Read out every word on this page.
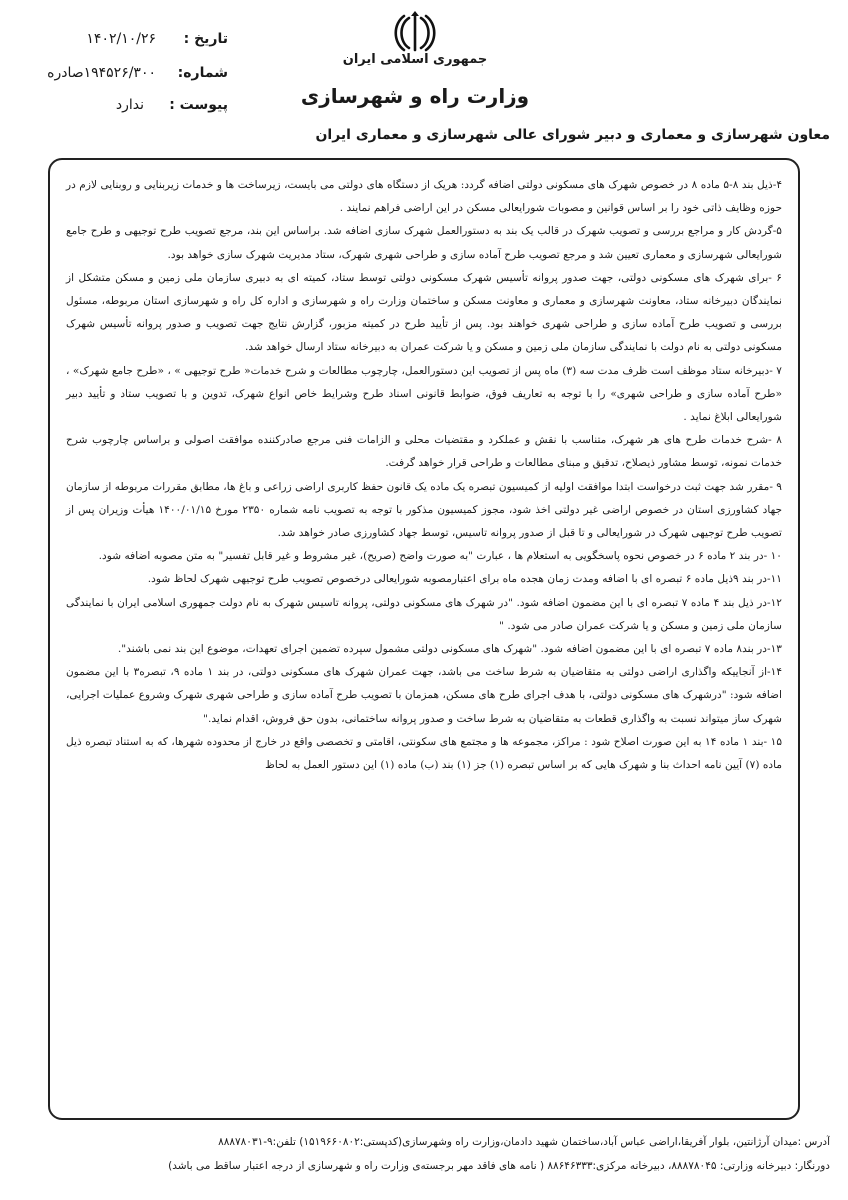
جمهوری اسلامی ایران
وزارت راه و شهرسازی
معاون شهرسازی و معماری و دبیر شورای عالی شهرسازی و معماری ایران
تاریخ :۱۴۰۲/۱۰/۲۶
شماره:۱۹۴۵۲۶/۳۰۰صادره
پیوست :ندارد

۴-ذیل بند ۸-۵ ماده ۸ در خصوص شهرک های مسکونی دولتی اضافه گردد: هریک از دستگاه های دولتی می بایست، زیرساخت ها و خدمات زیربنایی و روبنایی لازم در حوزه وظایف ذاتی خود را بر اساس قوانین و مصوبات شورایعالی مسکن در این اراضی فراهم نمایند .

۵-گردش کار و مراجع بررسی و تصویب شهرک در قالب یک بند به دستورالعمل شهرک سازی اضافه شد. براساس این بند، مرجع تصویب طرح توجیهی و طرح جامع شورایعالی شهرسازی و معماری تعیین شد و مرجع تصویب طرح آماده سازی و طراحی شهری شهرک، ستاد مدیریت شهرک سازی خواهد بود.

۶ -برای شهرک های مسکونی دولتی، جهت صدور پروانه تأسیس شهرک مسکونی دولتی توسط ستاد، کمیته ای به دبیری سازمان ملی زمین و مسکن متشکل از نمایندگان دبیرخانه ستاد، معاونت شهرسازی و معماری و معاونت مسکن و ساختمان وزارت راه و شهرسازی و اداره کل راه و شهرسازی استان مربوطه، مسئول بررسی و تصویب طرح آماده سازی و طراحی شهری خواهند بود. پس از تأیید طرح در کمیته مزبور، گزارش نتایج جهت تصویب و صدور پروانه تأسیس شهرک مسکونی دولتی به نام دولت با نمایندگی سازمان ملی زمین و مسکن و یا شرکت عمران به دبیرخانه ستاد ارسال خواهد شد.

۷ -دبیرخانه ستاد موظف است ظرف مدت سه (۳) ماه پس از تصویب این دستورالعمل، چارچوب مطالعات و شرح خدمات« طرح توجیهی » ، «طرح جامع شهرک» ، «طرح آماده سازی و طراحی شهری» را با توجه به تعاریف فوق، ضوابط قانونی اسناد طرح وشرایط خاص انواع شهرک، تدوین و با تصویب ستاد و تأیید دبیر شورایعالی ابلاغ نماید .

۸ -شرح خدمات طرح های هر شهرک، متناسب با نقش و عملکرد و مقتضیات محلی و الزامات فنی مرجع صادرکننده موافقت اصولی و براساس چارچوب شرح خدمات نمونه، توسط مشاور ذیصلاح، تدقیق و مبنای مطالعات و طراحی قرار خواهد گرفت.

۹ -مقرر شد جهت ثبت درخواست ابتدا موافقت اولیه از کمیسیون تبصره یک ماده یک قانون حفظ کاربری اراضی زراعی و باغ ها، مطابق مقررات مربوطه از سازمان جهاد کشاورزی استان در خصوص اراضی غیر دولتی اخذ شود، مجوز کمیسیون مذکور با توجه به تصویب نامه شماره ۲۳۵۰ مورخ ۱۴۰۰/۰۱/۱۵ هیأت وزیران پس از تصویب طرح توجیهی شهرک در شورایعالی و تا قبل از صدور پروانه تاسیس، توسط جهاد کشاورزی صادر خواهد شد.

۱۰ -در بند ۲ ماده ۶ در خصوص نحوه پاسخگویی به استعلام ها ، عبارت "به صورت واضح (صریح)، غیر مشروط و غیر قابل تفسیر" به متن مصوبه اضافه شود.

۱۱-در بند ۹ذیل ماده ۶ تبصره ای با اضافه ومدت زمان هجده ماه برای اعتبارمصوبه شورایعالی درخصوص تصویب طرح توجیهی شهرک لحاظ شود.

۱۲-در ذیل بند ۴ ماده ۷ تبصره ای با این مضمون اضافه شود. "در شهرک های مسکونی دولتی، پروانه تاسیس شهرک به نام دولت جمهوری اسلامی ایران با نمایندگی سازمان ملی زمین و مسکن و یا شرکت عمران صادر می شود. "

۱۳-در بند۸ ماده ۷ تبصره ای با این مضمون اضافه شود. "شهرک های مسکونی دولتی مشمول سپرده تضمین اجرای تعهدات، موضوع این بند نمی باشند".

۱۴-از آنجاییکه واگذاری اراضی دولتی به متقاضیان به شرط ساخت می باشد، جهت عمران شهرک های مسکونی دولتی، در بند ۱ ماده ۹، تبصره۳ با این مضمون اضافه شود: "درشهرک های مسکونی دولتی، با هدف اجرای طرح های مسکن، همزمان با تصویب طرح آماده سازی و طراحی شهری شهرک وشروع عملیات اجرایی، شهرک ساز میتواند نسبت به واگذاری قطعات به متقاضیان به شرط ساخت و صدور پروانه ساختمانی، بدون حق فروش، اقدام نماید."

۱۵ -بند ۱ ماده ۱۴ به این صورت اصلاح شود : مراکز، مجموعه ها و مجتمع های سکونتی، اقامتی و تخصصی واقع در خارج از محدوده شهرها، که به استناد تبصره ذیل ماده (۷) آیین نامه احداث بنا و شهرک هایی که بر اساس تبصره (۱) جز (۱) بند (ب) ماده (۱) این دستور العمل به لحاظ

آدرس :میدان آرژانتین، بلوار آفریقا،اراضی عباس آباد،ساختمان شهید دادمان،وزارت راه وشهرسازی(کدپستی:۱۵۱۹۶۶۰۸۰۲) تلفن:۹-۸۸۸۷۸۰۳۱
دورنگار: دبیرخانه وزارتی: ۸۸۸۷۸۰۴۵، دبیرخانه مرکزی:۸۸۶۴۶۳۳۳ ( نامه های فاقد مهر برجسته‌ی وزارت راه و شهرسازی از درجه اعتبار ساقط می باشد)
